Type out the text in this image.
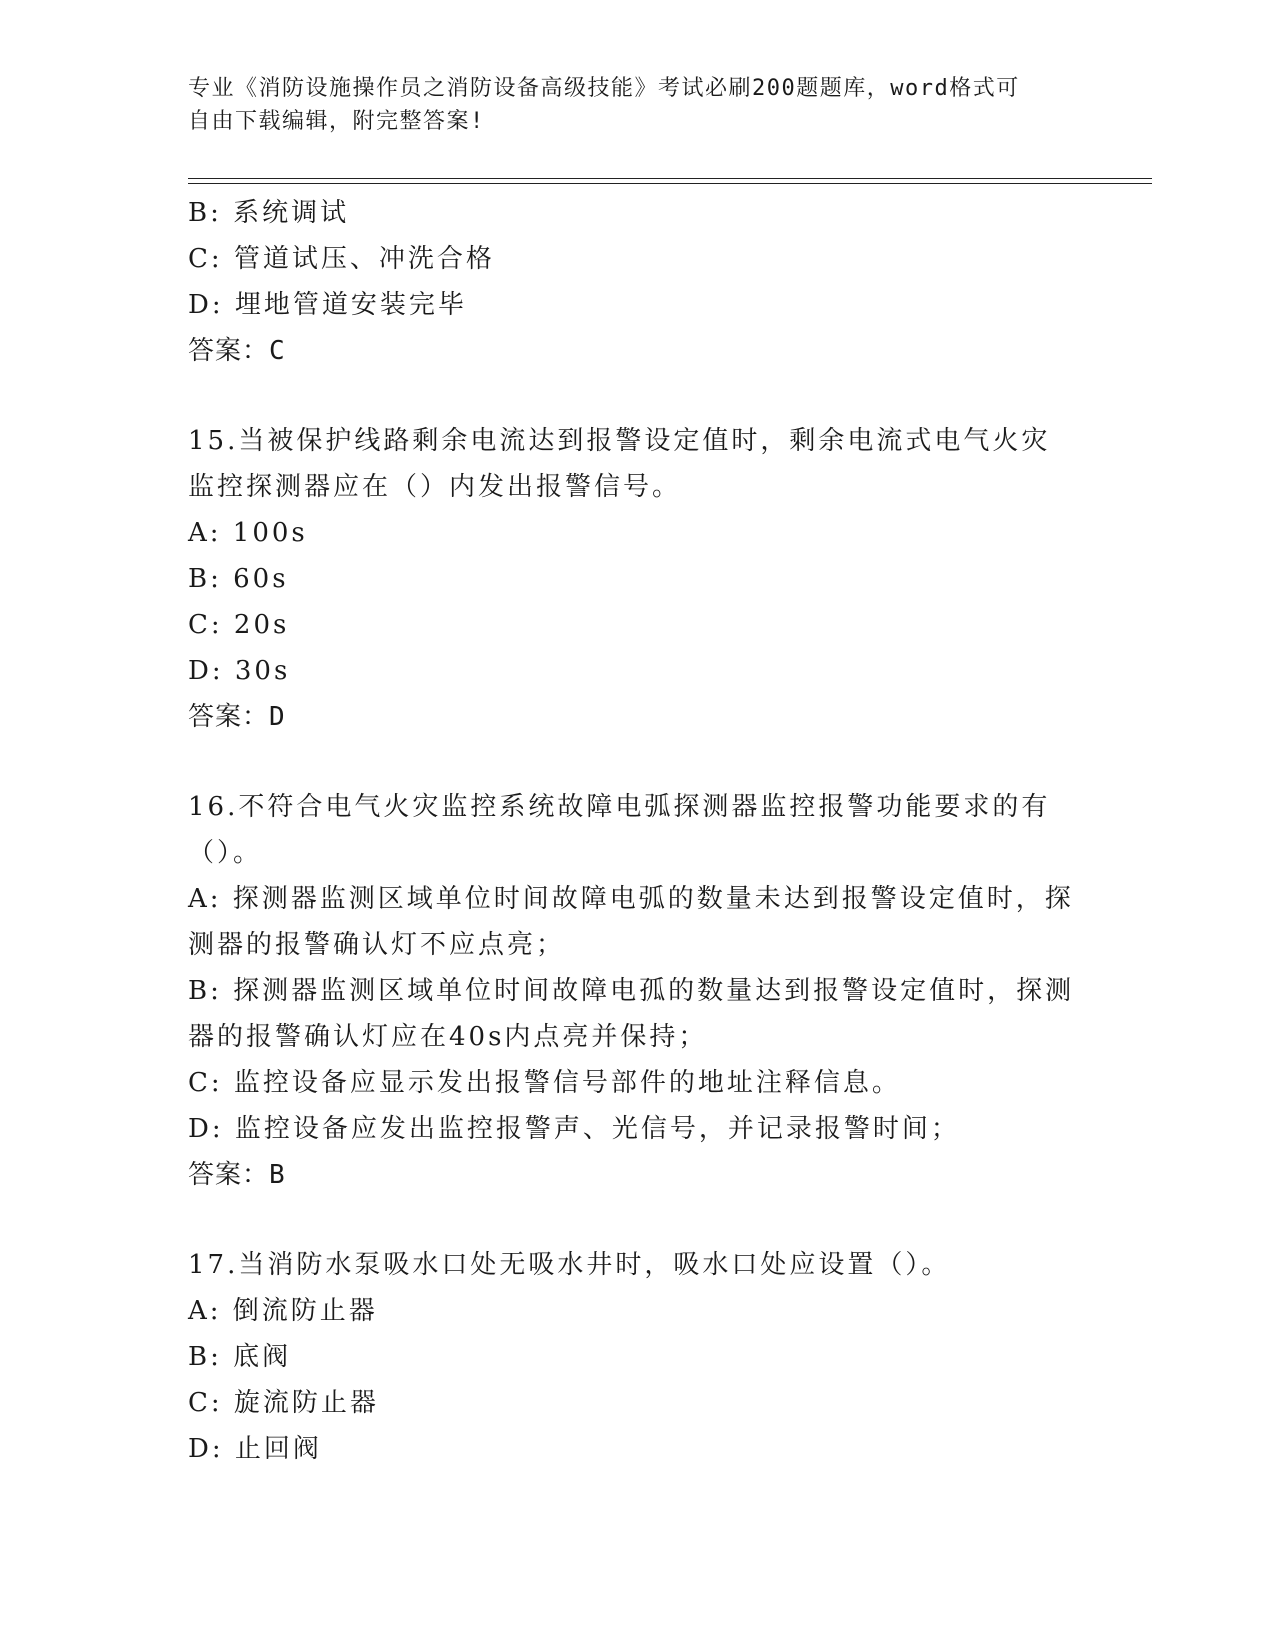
专业《消防设施操作员之消防设备高级技能》考试必刷200题题库，word格式可
自由下载编辑，附完整答案!
B: 系统调试
C: 管道试压、冲洗合格
D: 埋地管道安装完毕
答案：C
15.当被保护线路剩余电流达到报警设定值时，剩余电流式电气火灾监控探测器应在（）内发出报警信号。
A: 100s
B: 60s
C: 20s
D: 30s
答案：D
16.不符合电气火灾监控系统故障电弧探测器监控报警功能要求的有（）。
A: 探测器监测区域单位时间故障电弧的数量未达到报警设定值时，探测器的报警确认灯不应点亮；
B: 探测器监测区域单位时间故障电孤的数量达到报警设定值时，探测器的报警确认灯应在40s内点亮并保持；
C: 监控设备应显示发出报警信号部件的地址注释信息。
D: 监控设备应发出监控报警声、光信号，并记录报警时间；
答案：B
17.当消防水泵吸水口处无吸水井时，吸水口处应设置（）。
A: 倒流防止器
B: 底阀
C: 旋流防止器
D: 止回阀
